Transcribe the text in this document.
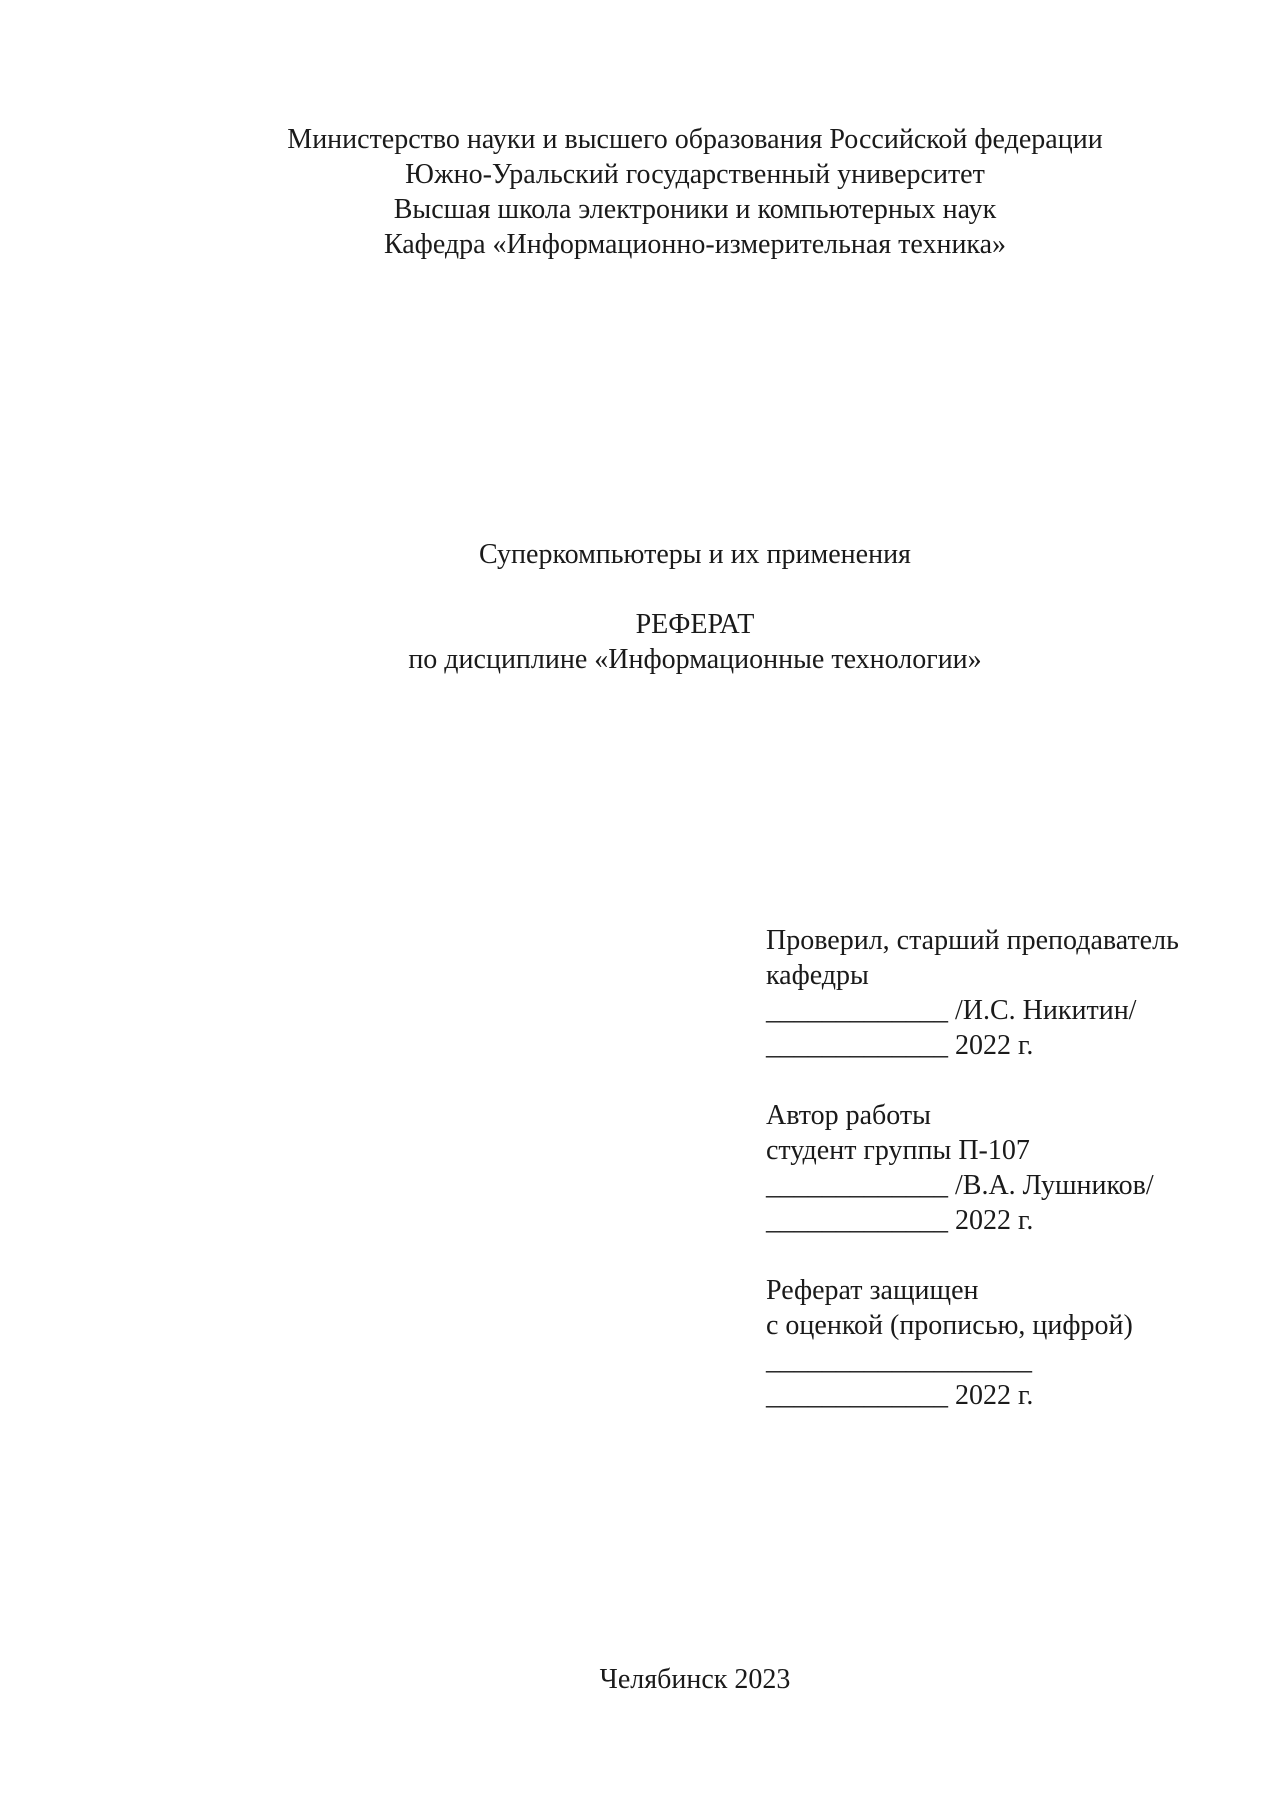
Министерство науки и высшего образования Российской федерации
Южно-Уральский государственный университет
Высшая школа электроники и компьютерных наук
Кафедра «Информационно-измерительная техника»
Суперкомпьютеры и их применения
РЕФЕРАТ
по дисциплине «Информационные технологии»
Проверил, старший преподаватель
кафедры
_____________ /И.С. Никитин/
_____________ 2022 г.
Автор работы
студент группы П-107
_____________ /В.А. Лушников/
_____________ 2022 г.
Реферат защищен
с оценкой (прописью, цифрой)
___________________
_____________ 2022 г.
Челябинск 2023
